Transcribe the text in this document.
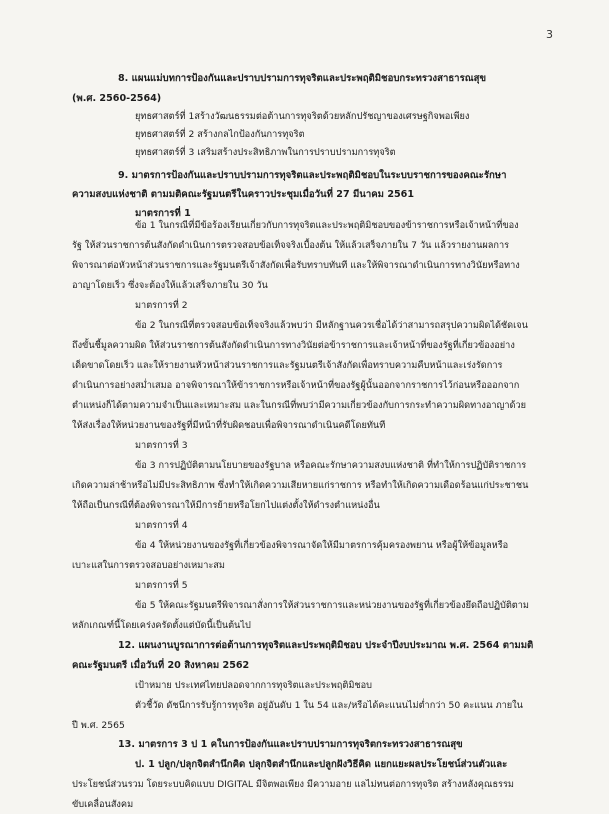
3
8. แผนแม่บทการป้องกันและปราบปรามการทุจริตและประพฤติมิชอบกระทรวงสาธารณสุข
(พ.ศ. 2560-2564)
ยุทธศาสตร์ที่ 1สร้างวัฒนธรรมต่อต้านการทุจริตด้วยหลักปรัชญาของเศรษฐกิจพอเพียง
ยุทธศาสตร์ที่ 2 สร้างกลไกป้องกันการทุจริต
ยุทธศาสตร์ที่ 3 เสริมสร้างประสิทธิภาพในการปราบปรามการทุจริต
9. มาตรการป้องกันและปราบปรามการทุจริตและประพฤติมิชอบในระบบราชการของคณะรักษา
ความสงบแห่งชาติ ตามมติคณะรัฐมนตรีในคราวประชุมเมื่อวันที่ 27 มีนาคม 2561
มาตรการที่ 1
ข้อ 1 ในกรณีที่มีข้อร้องเรียนเกี่ยวกับการทุจริตและประพฤติมิชอบของข้าราชการหรือเจ้าหน้าที่ของ
รัฐ ให้ส่วนราชการต้นสังกัดดำเนินการตรวจสอบข้อเท็จจริงเบื้องต้น ให้แล้วเสร็จภายใน 7 วัน แล้วรายงานผลการ
พิจารณาต่อหัวหน้าส่วนราชการและรัฐมนตรีเจ้าสังกัดเพื่อรับทราบทันที และให้พิจารณาดำเนินการทางวินัยหรือทาง
อาญาโดยเร็ว ซึ่งจะต้องให้แล้วเสร็จภายใน 30 วัน
มาตรการที่ 2
ข้อ 2 ในกรณีที่ตรวจสอบข้อเท็จจริงแล้วพบว่า มีหลักฐานควรเชื่อได้ว่าสามารถสรุปความผิดได้ชัดเจน
ถึงขั้นชี้มูลความผิด ให้ส่วนราชการต้นสังกัดดำเนินการทางวินัยต่อข้าราชการและเจ้าหน้าที่ของรัฐที่เกี่ยวข้องอย่าง
เด็ดขาดโดยเร็ว และให้รายงานหัวหน้าส่วนราชการและรัฐมนตรีเจ้าสังกัดเพื่อทราบความคืบหน้าและเร่งรัดการ
ดำเนินการอย่างสม่ำเสมอ อาจพิจารณาให้ข้าราชการหรือเจ้าหน้าที่ของรัฐผู้นั้นออกจากราชการไว้ก่อนหรือออกจาก
ตำแหน่งก็ได้ตามความจำเป็นและเหมาะสม และในกรณีที่พบว่ามีความเกี่ยวข้องกับการกระทำความผิดทางอาญาด้วย
ให้ส่งเรื่องให้หน่วยงานของรัฐที่มีหน้าที่รับผิดชอบเพื่อพิจารณาดำเนินคดีโดยทันที
มาตรการที่ 3
ข้อ 3 การปฏิบัติตามนโยบายของรัฐบาล หรือคณะรักษาความสงบแห่งชาติ ที่ทำให้การปฏิบัติราชการ
เกิดความล่าช้าหรือไม่มีประสิทธิภาพ ซึ่งทำให้เกิดความเสียหายแก่ราชการ หรือทำให้เกิดความเดือดร้อนแก่ประชาชน
ให้ถือเป็นกรณีที่ต้องพิจารณาให้มีการย้ายหรือโยกไปแต่งตั้งให้ดำรงตำแหน่งอื่น
มาตรการที่ 4
ข้อ 4 ให้หน่วยงานของรัฐที่เกี่ยวข้องพิจารณาจัดให้มีมาตรการคุ้มครองพยาน หรือผู้ให้ข้อมูลหรือ
เบาะแสในการตรวจสอบอย่างเหมาะสม
มาตรการที่ 5
ข้อ 5 ให้คณะรัฐมนตรีพิจารณาสั่งการให้ส่วนราชการและหน่วยงานของรัฐที่เกี่ยวข้องยึดถือปฏิบัติตาม
หลักเกณฑ์นี้โดยเคร่งครัดตั้งแต่บัดนี้เป็นต้นไป
12. แผนงานบูรณาการต่อต้านการทุจริตและประพฤติมิชอบ ประจำปีงบประมาณ พ.ศ. 2564 ตามมติ
คณะรัฐมนตรี เมื่อวันที่ 20 สิงหาคม 2562
เป้าหมาย ประเทศไทยปลอดจากการทุจริตและประพฤติมิชอบ
ตัวชี้วัด ดัชนีการรับรู้การทุจริต อยู่อันดับ 1 ใน 54 และ/หรือได้คะแนนไม่ต่ำกว่า 50 คะแนน ภายใน
ปี พ.ศ. 2565
13. มาตรการ 3 ป 1 คในการป้องกันและปราบปรามการทุจริตกระทรวงสาธารณสุข
ป. 1 ปลูก/ปลุกจิตสำนึกคิด ปลุกจิตสำนึกและปลูกฝังวิธีคิด แยกแยะผลประโยชน์ส่วนตัวและ
ประโยชน์ส่วนรวม โดยระบบคิดแบบ DIGITAL มีจิตพอเพียง มีความอาย แลไม่ทนต่อการทุจริต สร้างหลังคุณธรรม
ขับเคลื่อนสังคม
